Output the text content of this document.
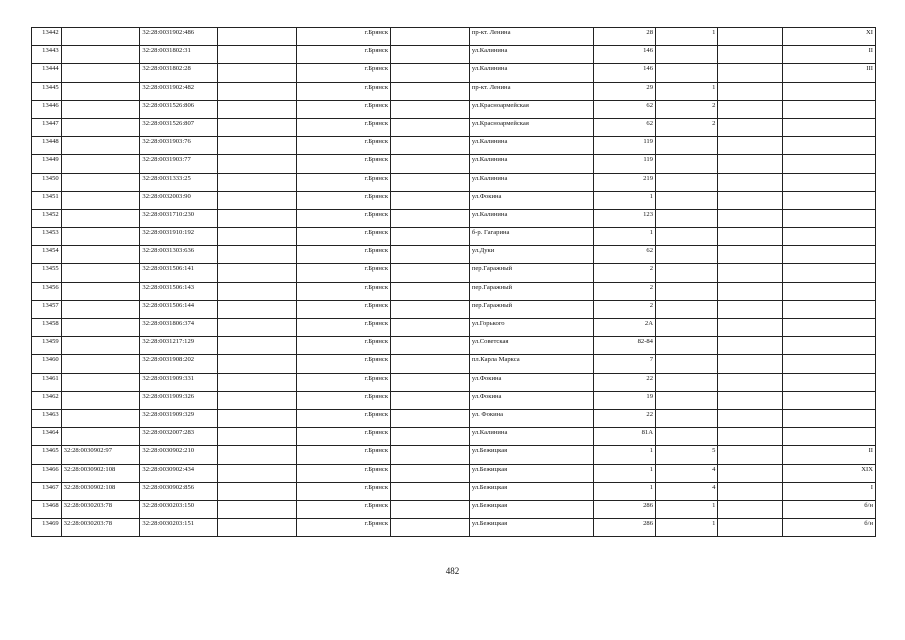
13442		32:28:0031902:486		г.Брянск		пр-кт. Ленина	28	1		XI
13443		32:28:0031802:31		г.Брянск		ул.Калинина	146			II
13444		32:28:0031802:28		г.Брянск		ул.Калинина	146			III
13445		32:28:0031902:482		г.Брянск		пр-кт. Ленина	29	1		
13446		32:28:0031526:806		г.Брянск		ул.Красноармейская	62	2		
13447		32:28:0031526:807		г.Брянск		ул.Красноармейская	62	2		
13448		32:28:0031903:76		г.Брянск		ул.Калинина	119			
13449		32:28:0031903:77		г.Брянск		ул.Калинина	119			
13450		32:28:0031333:25		г.Брянск		ул.Калинина	219			
13451		32:28:0032003:90		г.Брянск		ул.Фокина	1			
13452		32:28:0031710:230		г.Брянск		ул.Калинина	123			
13453		32:28:0031910:192		г.Брянск		б-р. Гагарина	1			
13454		32:28:0031303:636		г.Брянск		ул.Дуки	62			
13455		32:28:0031506:141		г.Брянск		пер.Гаражный	2			
13456		32:28:0031506:143		г.Брянск		пер.Гаражный	2			
13457		32:28:0031506:144		г.Брянск		пер.Гаражный	2			
13458		32:28:0031806:374		г.Брянск		ул.Горького	2А			
13459		32:28:0031217:129		г.Брянск		ул.Советская	82-84			
13460		32:28:0031908:202		г.Брянск		пл.Карла Маркса	7			
13461		32:28:0031909:331		г.Брянск		ул.Фокина	22			
13462		32:28:0031909:326		г.Брянск		ул.Фокина	19			
13463		32:28:0031909:329		г.Брянск		ул. Фокина	22			
13464		32:28:0032007:283		г.Брянск		ул.Калинина	81А			
13465	32:28:0030902:97	32:28:0030902:210		г.Брянск		ул.Бежицкая	1	5		II
13466	32:28:0030902:108	32:28:0030902:434		г.Брянск		ул.Бежицкая	1	4		XIX
13467	32:28:0030902:108	32:28:0030902:856		г.Брянск		ул.Бежицкая	1	4		I
13468	32:28:0030203:78	32:28:0030203:150		г.Брянск		ул.Бежицкая	286	1		б/н
13469	32:28:0030203:78	32:28:0030203:151		г.Брянск		ул.Бежицкая	286	1		б/н
482
